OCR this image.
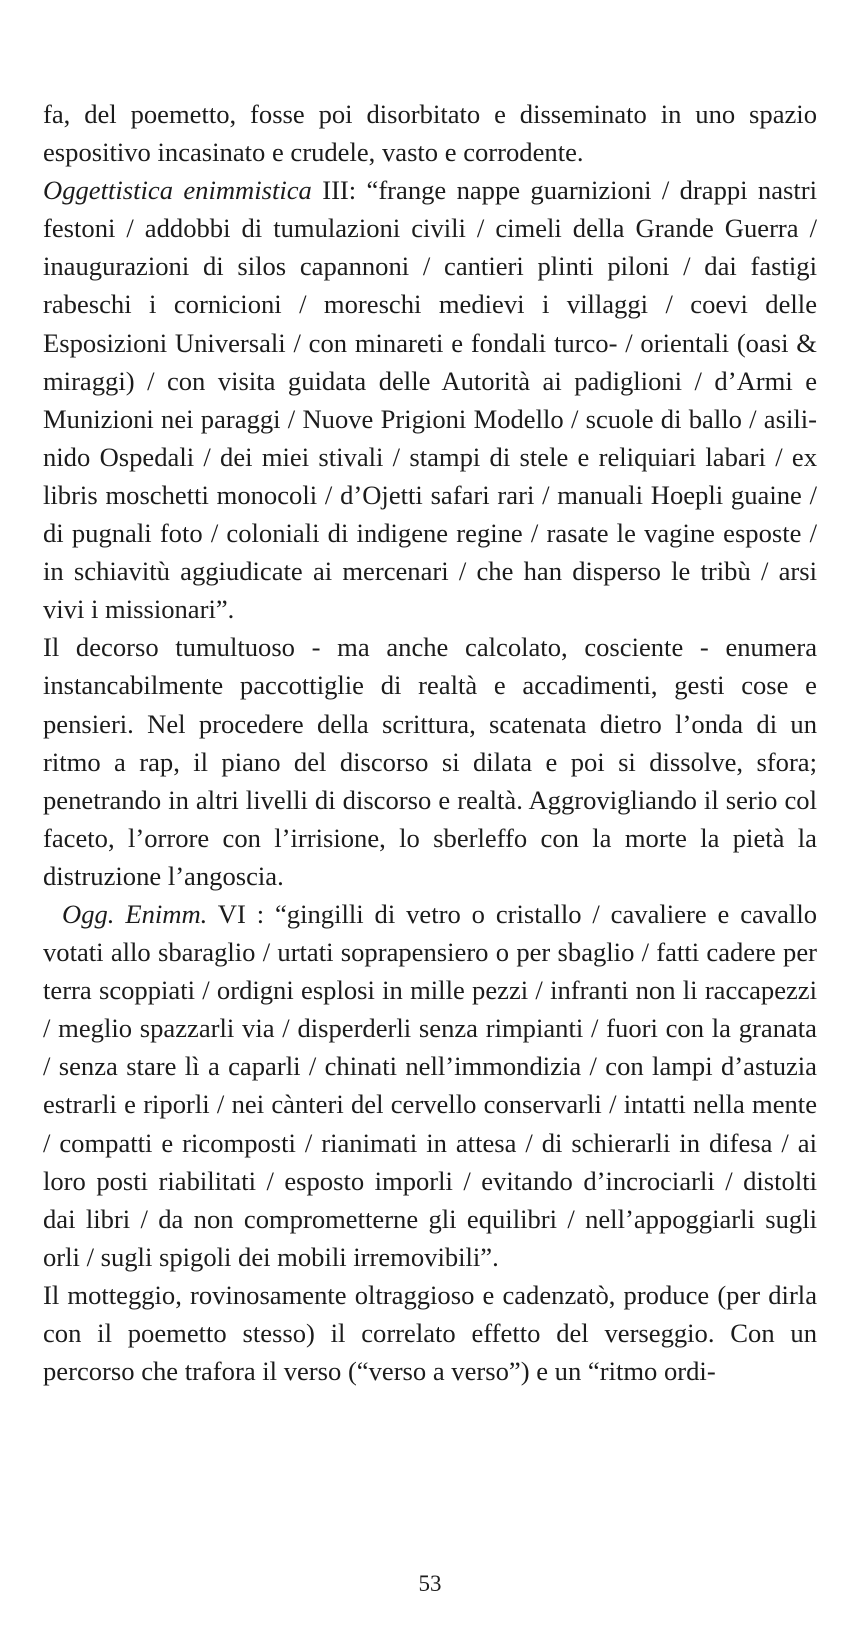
fa, del poemetto, fosse poi disorbitato e disseminato in uno spazio espositivo incasinato e crudele, vasto e corrodente.

Oggettistica enimmistica III: “frange nappe guarnizioni / drappi nastri festoni / addobbi di tumulazioni civili / cimeli della Grande Guerra / inaugurazioni di silos capannoni / cantieri plinti piloni / dai fastigi rabeschi i cornicioni / moreschi medievi i villaggi / coevi delle Esposizioni Universali / con minareti e fondali turco- / orientali (oasi & miraggi) / con visita guidata delle Autorità ai padiglioni / d’Armi e Munizioni nei paraggi / Nuove Prigioni Modello / scuole di ballo / asili-nido Ospedali / dei miei stivali / stampi di stele e reliquiari labari / ex libris moschetti monocoli / d’Ojetti safari rari / manuali Hoepli guaine / di pugnali foto / coloniali di indigene regine / rasate le vagine esposte / in schiavitù aggiudicate ai mercenari / che han disperso le tribù / arsi vivi i missionari”.

Il decorso tumultuoso - ma anche calcolato, cosciente - enumera instancabilmente paccottiglie di realtà e accadimenti, gesti cose e pensieri. Nel procedere della scrittura, scatenata dietro l’onda di un ritmo a rap, il piano del discorso si dilata e poi si dissolve, sfora; penetrando in altri livelli di discorso e realtà. Aggrovigliando il serio col faceto, l’orrore con l’irrisione, lo sberleffo con la morte la pietà la distruzione l’angoscia.

Ogg. Enimm. VI : “gingilli di vetro o cristallo / cavaliere e cavallo votati allo sbaraglio / urtati soprapensiero o per sbaglio / fatti cadere per terra scoppiati / ordigni esplosi in mille pezzi / infranti non li raccapezzi / meglio spazzarli via / disperderli senza rimpianti / fuori con la granata / senza stare lì a caparli / chinati nell’immondizia / con lampi d’astuzia estrarli e riporli / nei cànteri del cervello conservarli / intatti nella mente / compatti e ricomposti / rianimati in attesa / di schierarli in difesa / ai loro posti riabilitati / esposto imporli / evitando d’incrociarli / distolti dai libri / da non comprometterne gli equilibri / nell’appoggiarli sugli orli / sugli spigoli dei mobili irremovibili”.

Il motteggio, rovinosamente oltraggioso e cadenzatò, produce (per dirla con il poemetto stesso) il correlato effetto del verseggio. Con un percorso che trafora il verso (“verso a verso”) e un “ritmo ordi-

53
